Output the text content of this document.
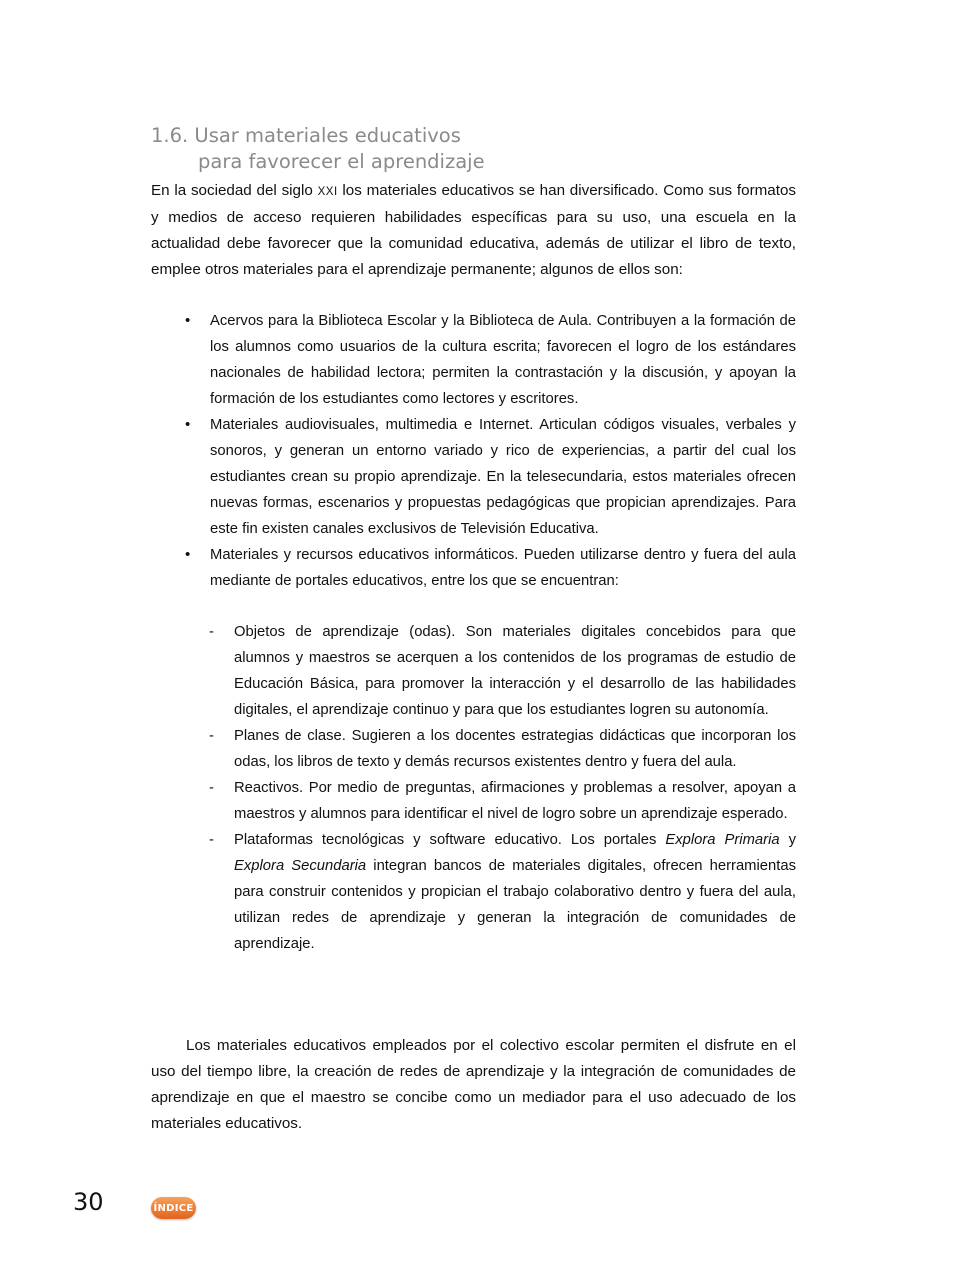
1.6. Usar materiales educativos
para favorecer el aprendizaje

En la sociedad del siglo XXI los materiales educativos se han diversificado. Como sus formatos y medios de acceso requieren habilidades específicas para su uso, una escuela en la actualidad debe favorecer que la comunidad educativa, además de utilizar el libro de texto, emplee otros materiales para el aprendizaje permanente; algunos de ellos son:

• Acervos para la Biblioteca Escolar y la Biblioteca de Aula. Contribuyen a la formación de los alumnos como usuarios de la cultura escrita; favorecen el logro de los estándares nacionales de habilidad lectora; permiten la contrastación y la discusión, y apoyan la formación de los estudiantes como lectores y escritores.
• Materiales audiovisuales, multimedia e Internet. Articulan códigos visuales, verbales y sonoros, y generan un entorno variado y rico de experiencias, a partir del cual los estudiantes crean su propio aprendizaje. En la telesecundaria, estos materiales ofrecen nuevas formas, escenarios y propuestas pedagógicas que propician aprendizajes. Para este fin existen canales exclusivos de Televisión Educativa.
• Materiales y recursos educativos informáticos. Pueden utilizarse dentro y fuera del aula mediante de portales educativos, entre los que se encuentran:
- Objetos de aprendizaje (odas). Son materiales digitales concebidos para que alumnos y maestros se acerquen a los contenidos de los programas de estudio de Educación Básica, para promover la interacción y el desarrollo de las habilidades digitales, el aprendizaje continuo y para que los estudiantes logren su autonomía.
- Planes de clase. Sugieren a los docentes estrategias didácticas que incorporan los odas, los libros de texto y demás recursos existentes dentro y fuera del aula.
- Reactivos. Por medio de preguntas, afirmaciones y problemas a resolver, apoyan a maestros y alumnos para identificar el nivel de logro sobre un aprendizaje esperado.
- Plataformas tecnológicas y software educativo. Los portales Explora Primaria y Explora Secundaria integran bancos de materiales digitales, ofrecen herramientas para construir contenidos y propician el trabajo colaborativo dentro y fuera del aula, utilizan redes de aprendizaje y generan la integración de comunidades de aprendizaje.

Los materiales educativos empleados por el colectivo escolar permiten el disfrute en el uso del tiempo libre, la creación de redes de aprendizaje y la integración de comunidades de aprendizaje en que el maestro se concibe como un mediador para el uso adecuado de los materiales educativos.

30	ÍNDICE
